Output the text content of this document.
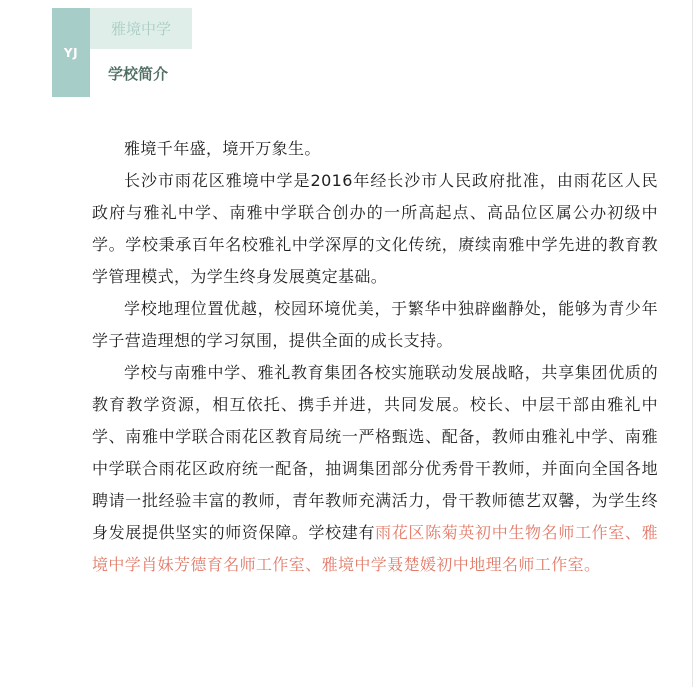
YJ
雅境中学
学校简介

雅境千年盛，境开万象生。

长沙市雨花区雅境中学是2016年经长沙市人民政府批准，由雨花区人民政府与雅礼中学、南雅中学联合创办的一所高起点、高品位区属公办初级中学。学校秉承百年名校雅礼中学深厚的文化传统，赓续南雅中学先进的教育教学管理模式，为学生终身发展奠定基础。

学校地理位置优越，校园环境优美，于繁华中独辟幽静处，能够为青少年学子营造理想的学习氛围，提供全面的成长支持。

学校与南雅中学、雅礼教育集团各校实施联动发展战略，共享集团优质的教育教学资源，相互依托、携手并进，共同发展。校长、中层干部由雅礼中学、南雅中学联合雨花区教育局统一严格甄选、配备，教师由雅礼中学、南雅中学联合雨花区政府统一配备，抽调集团部分优秀骨干教师，并面向全国各地聘请一批经验丰富的教师，青年教师充满活力，骨干教师德艺双馨，为学生终身发展提供坚实的师资保障。学校建有雨花区陈菊英初中生物名师工作室、雅境中学肖妹芳德育名师工作室、雅境中学聂楚媛初中地理名师工作室。
